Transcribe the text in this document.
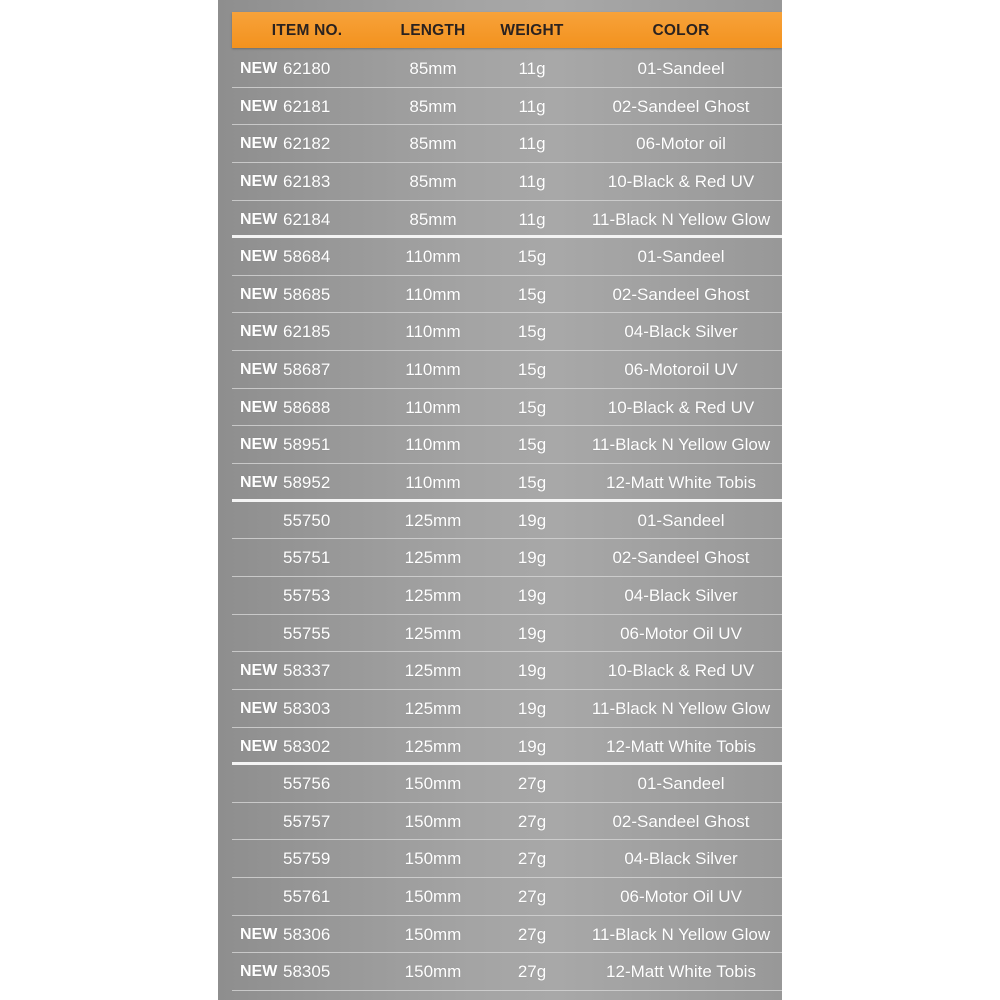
ITEM NO.	LENGTH	WEIGHT	COLOR
NEW 62180	85mm	11g	01-Sandeel
NEW 62181	85mm	11g	02-Sandeel Ghost
NEW 62182	85mm	11g	06-Motor oil
NEW 62183	85mm	11g	10-Black & Red UV
NEW 62184	85mm	11g	11-Black N Yellow Glow
NEW 58684	110mm	15g	01-Sandeel
NEW 58685	110mm	15g	02-Sandeel Ghost
NEW 62185	110mm	15g	04-Black Silver
NEW 58687	110mm	15g	06-Motoroil UV
NEW 58688	110mm	15g	10-Black & Red UV
NEW 58951	110mm	15g	11-Black N Yellow Glow
NEW 58952	110mm	15g	12-Matt White Tobis
55750	125mm	19g	01-Sandeel
55751	125mm	19g	02-Sandeel Ghost
55753	125mm	19g	04-Black Silver
55755	125mm	19g	06-Motor Oil UV
NEW 58337	125mm	19g	10-Black & Red UV
NEW 58303	125mm	19g	11-Black N Yellow Glow
NEW 58302	125mm	19g	12-Matt White Tobis
55756	150mm	27g	01-Sandeel
55757	150mm	27g	02-Sandeel Ghost
55759	150mm	27g	04-Black Silver
55761	150mm	27g	06-Motor Oil UV
NEW 58306	150mm	27g	11-Black N Yellow Glow
NEW 58305	150mm	27g	12-Matt White Tobis
